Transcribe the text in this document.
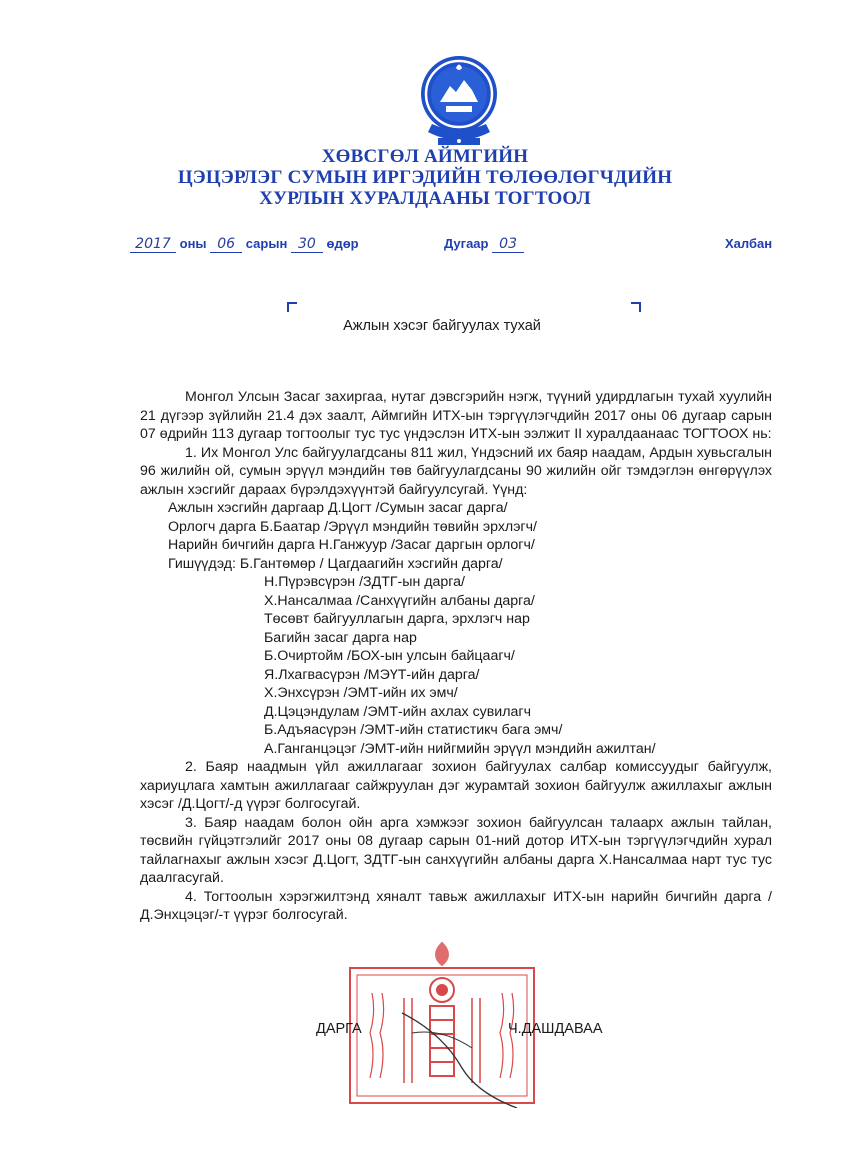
ХӨВСГӨЛ АЙМГИЙН
ЦЭЦЭРЛЭГ СУМЫН ИРГЭДИЙН ТӨЛӨӨЛӨГЧДИЙН
ХУРЛЫН ХУРАЛДААНЫ ТОГТООЛ
2017 оны 06 сарын 30 өдөр	Дугаар 03	Халбан
Ажлын хэсэг байгуулах тухай

Монгол Улсын Засаг захиргаа, нутаг дэвсгэрийн нэгж, түүний удирдлагын тухай хуулийн 21 дүгээр зүйлийн 21.4 дэх заалт, Аймгийн ИТХ-ын тэргүүлэгчдийн 2017 оны 06 дугаар сарын 07 өдрийн 113 дугаар тогтоолыг тус тус үндэслэн ИТХ-ын ээлжит II хуралдаанаас ТОГТООХ нь:

1. Их Монгол Улс байгуулагдсаны 811 жил, Үндэсний их баяр наадам, Ардын хувьсгалын 96 жилийн ой, сумын эрүүл мэндийн төв байгуулагдсаны 90 жилийн ойг тэмдэглэн өнгөрүүлэх ажлын хэсгийг дараах бүрэлдэхүүнтэй байгуулсугай. Үүнд:

Ажлын хэсгийн даргаар Д.Цогт /Сумын засаг дарга/

Орлогч дарга Б.Баатар /Эрүүл мэндийн төвийн эрхлэгч/

Нарийн бичгийн дарга Н.Ганжуур /Засаг даргын орлогч/

Гишүүдэд: Б.Гантөмөр / Цагдаагийн хэсгийн дарга/

Н.Пүрэвсүрэн /ЗДТГ-ын дарга/

Х.Нансалмаа /Санхүүгийн албаны дарга/

Төсөвт байгууллагын дарга, эрхлэгч нар

Багийн засаг дарга нар

Б.Очиртойм /БОХ-ын улсын байцаагч/

Я.Лхагвасүрэн /МЭҮТ-ийн дарга/

Х.Энхсүрэн /ЭМТ-ийн их эмч/

Д.Цэцэндулам /ЭМТ-ийн ахлах сувилагч

Б.Адъяасүрэн /ЭМТ-ийн статистикч бага эмч/

А.Ганганцэцэг /ЭМТ-ийн нийгмийн эрүүл мэндийн ажилтан/

2. Баяр наадмын үйл ажиллагааг зохион байгуулах салбар комиссуудыг байгуулж, хариуцлага хамтын ажиллагааг сайжруулан дэг журамтай зохион байгуулж ажиллахыг ажлын хэсэг /Д.Цогт/-д үүрэг болгосугай.

3. Баяр наадам болон ойн арга хэмжээг зохион байгуулсан талаарх ажлын тайлан, төсвийн гүйцэтгэлийг 2017 оны 08 дугаар сарын 01-ний дотор ИТХ-ын тэргүүлэгчдийн хурал тайлагнахыг ажлын хэсэг Д.Цогт, ЗДТГ-ын санхүүгийн албаны дарга Х.Нансалмаа нарт тус тус даалгасугай.

4. Тогтоолын хэрэгжилтэнд хяналт тавьж ажиллахыг ИТХ-ын нарийн бичгийн дарга /Д.Энхцэцэг/-т үүрэг болгосугай.

ДАРГА	Ч.ДАШДАВАА
